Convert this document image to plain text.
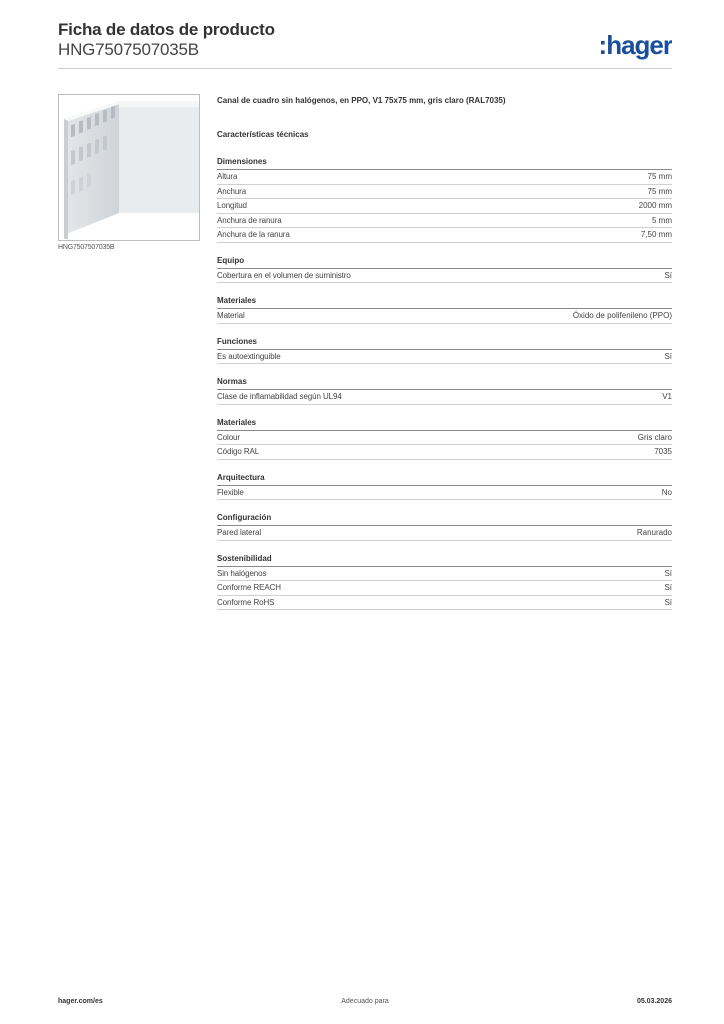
Ficha de datos de producto
HNG7507507035B	:hager
HNG7507507035B
Canal de cuadro sin halógenos, en PPO, V1 75x75 mm, gris claro (RAL7035)
Características técnicas
Dimensiones
Altura	75 mm
Anchura	75 mm
Longitud	2000 mm
Anchura de ranura	5 mm
Anchura de la ranura	7,50 mm
Equipo
Cobertura en el volumen de suministro	Sí
Materiales
Material	Óxido de polifenileno (PPO)
Funciones
Es autoextinguible	Sí
Normas
Clase de inflamabilidad según UL94	V1
Materiales
Colour	Gris claro
Código RAL	7035
Arquitectura
Flexible	No
Configuración
Pared lateral	Ranurado
Sostenibilidad
Sin halógenos	Sí
Conforme REACH	Sí
Conforme RoHS	Sí
hager.com/es	Adecuado para	05.03.2026
